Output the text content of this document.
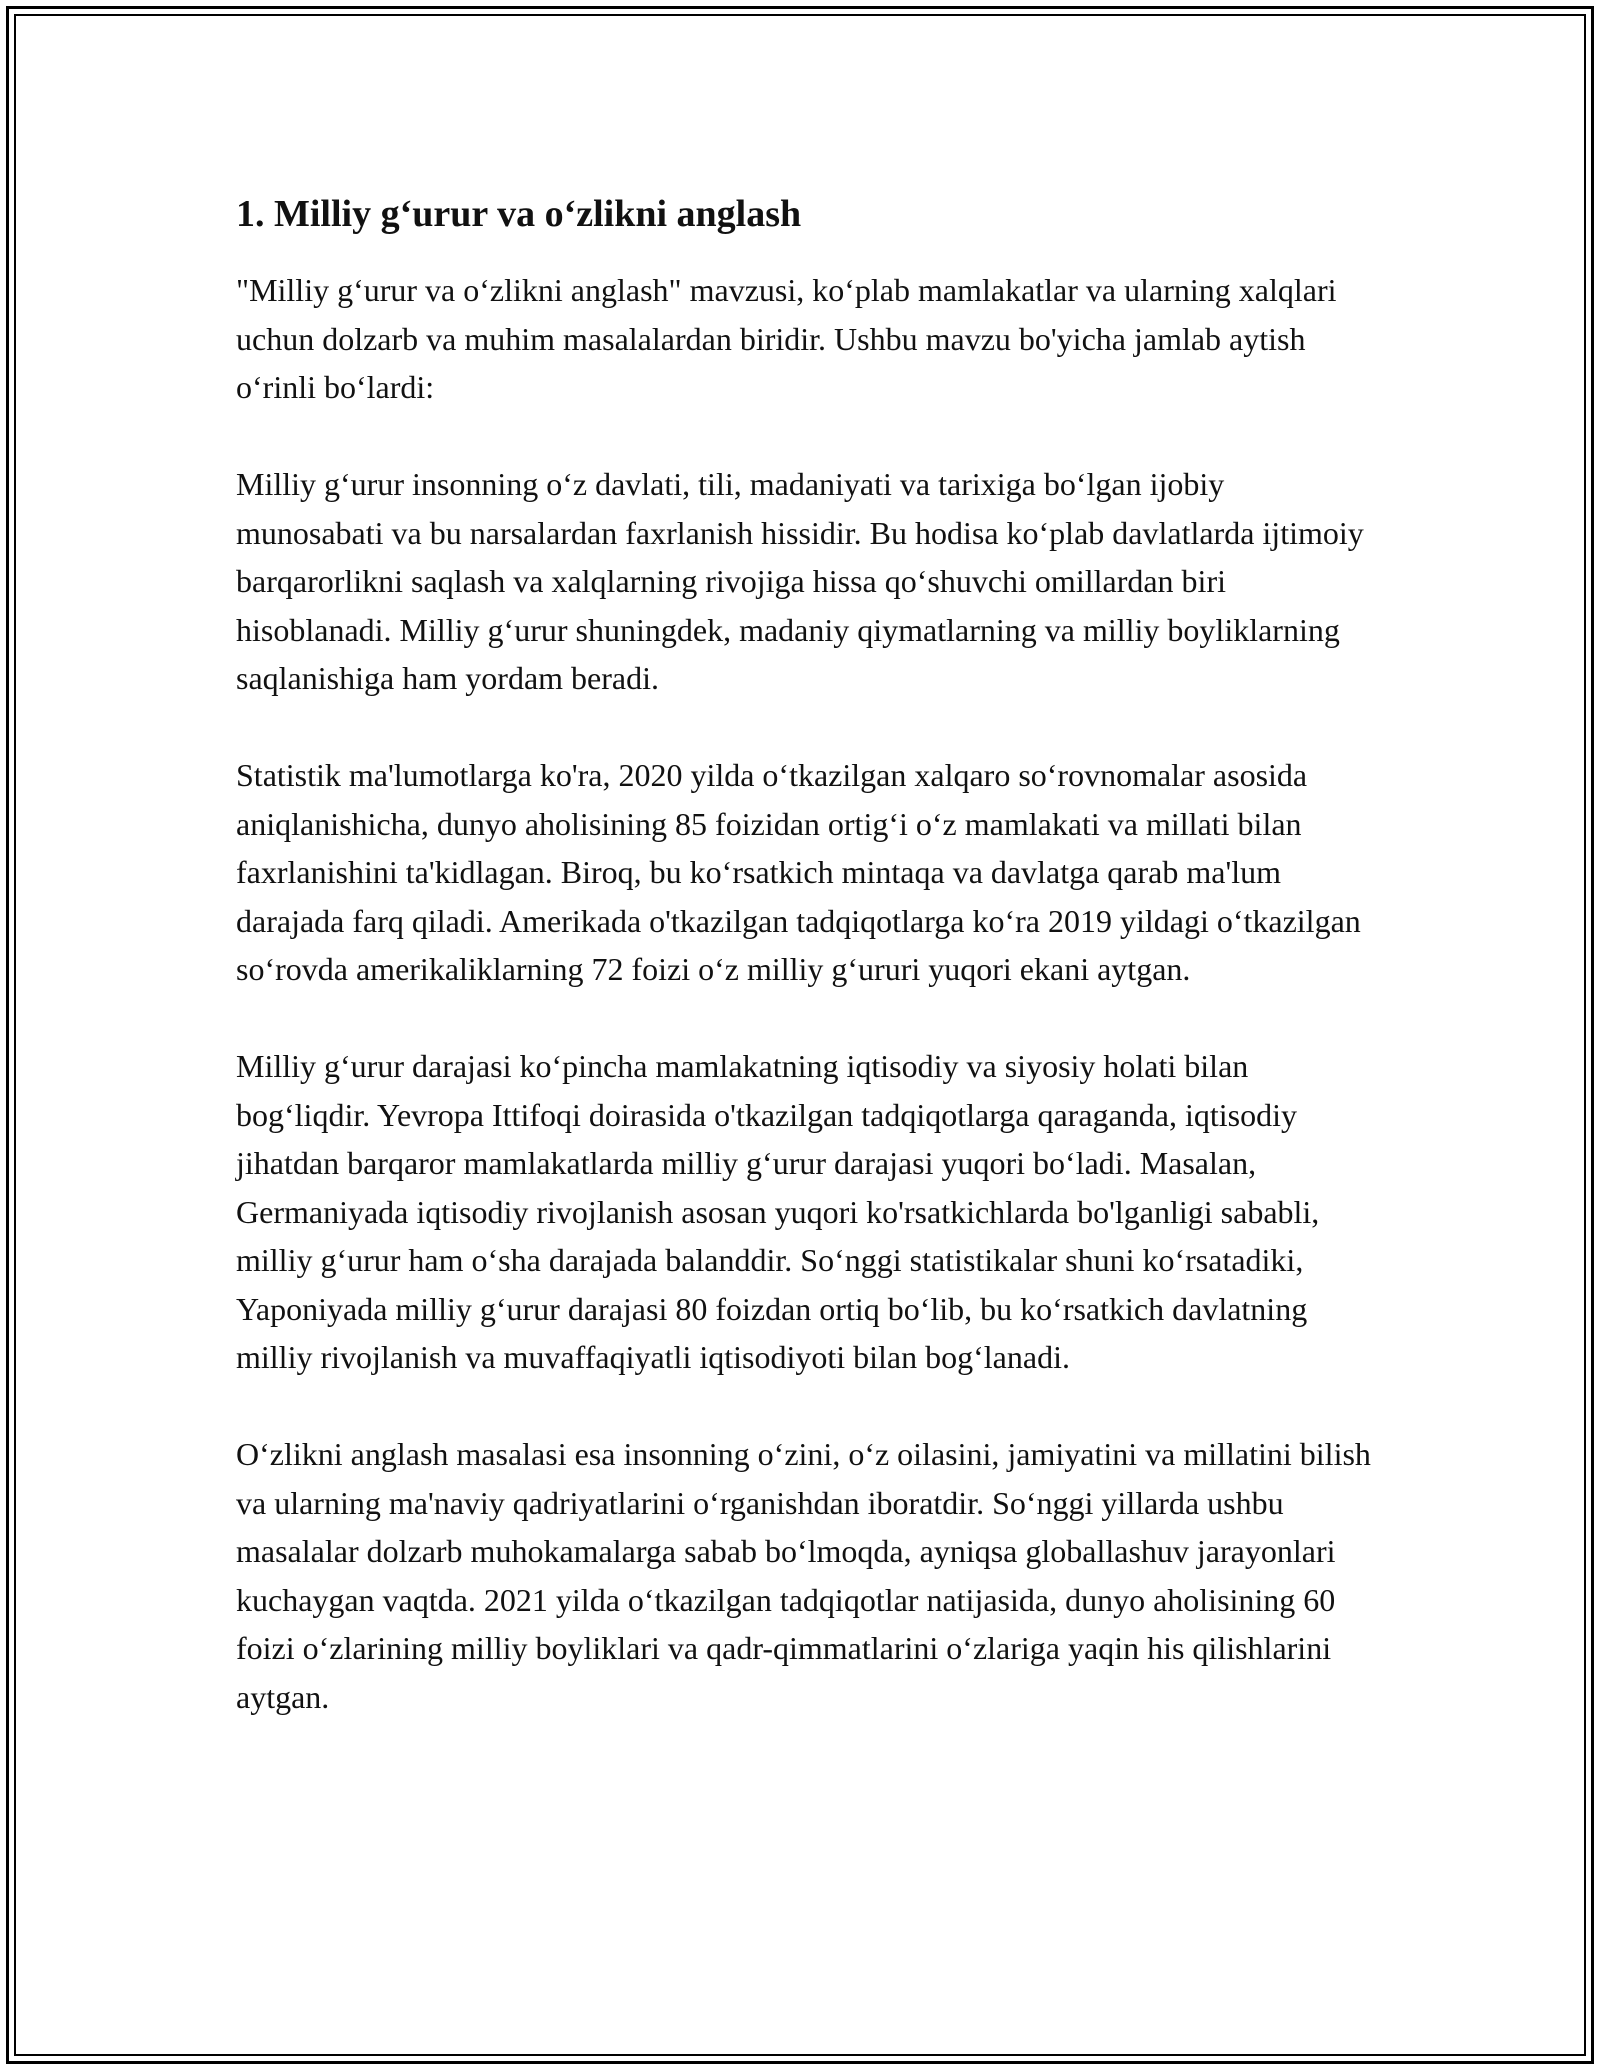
1. Milliy g‘urur va o‘zlikni anglash

"Milliy g‘urur va o‘zlikni anglash" mavzusi, ko‘plab mamlakatlar va ularning xalqlari uchun dolzarb va muhim masalalardan biridir. Ushbu mavzu bo'yicha jamlab aytish o‘rinli bo‘lardi:

Milliy g‘urur insonning o‘z davlati, tili, madaniyati va tarixiga bo‘lgan ijobiy munosabati va bu narsalardan faxrlanish hissidir. Bu hodisa ko‘plab davlatlarda ijtimoiy barqarorlikni saqlash va xalqlarning rivojiga hissa qo‘shuvchi omillardan biri hisoblanadi. Milliy g‘urur shuningdek, madaniy qiymatlarning va milliy boyliklarning saqlanishiga ham yordam beradi.

Statistik ma'lumotlarga ko'ra, 2020 yilda o‘tkazilgan xalqaro so‘rovnomalar asosida aniqlanishicha, dunyo aholisining 85 foizidan ortig‘i o‘z mamlakati va millati bilan faxrlanishini ta'kidlagan. Biroq, bu ko‘rsatkich mintaqa va davlatga qarab ma'lum darajada farq qiladi. Amerikada o'tkazilgan tadqiqotlarga ko‘ra 2019 yildagi o‘tkazilgan so‘rovda amerikaliklarning 72 foizi o‘z milliy g‘ururi yuqori ekani aytgan.

Milliy g‘urur darajasi ko‘pincha mamlakatning iqtisodiy va siyosiy holati bilan bog‘liqdir. Yevropa Ittifoqi doirasida o'tkazilgan tadqiqotlarga qaraganda, iqtisodiy jihatdan barqaror mamlakatlarda milliy g‘urur darajasi yuqori bo‘ladi. Masalan, Germaniyada iqtisodiy rivojlanish asosan yuqori ko'rsatkichlarda bo'lganligi sababli, milliy g‘urur ham o‘sha darajada balanddir. So‘nggi statistikalar shuni ko‘rsatadiki, Yaponiyada milliy g‘urur darajasi 80 foizdan ortiq bo‘lib, bu ko‘rsatkich davlatning milliy rivojlanish va muvaffaqiyatli iqtisodiyoti bilan bog‘lanadi.

O‘zlikni anglash masalasi esa insonning o‘zini, o‘z oilasini, jamiyatini va millatini bilish va ularning ma'naviy qadriyatlarini o‘rganishdan iboratdir. So‘nggi yillarda ushbu masalalar dolzarb muhokamalarga sabab bo‘lmoqda, ayniqsa globallashuv jarayonlari kuchaygan vaqtda. 2021 yilda o‘tkazilgan tadqiqotlar natijasida, dunyo aholisining 60 foizi o‘zlarining milliy boyliklari va qadr-qimmatlarini o‘zlariga yaqin his qilishlarini aytgan.
